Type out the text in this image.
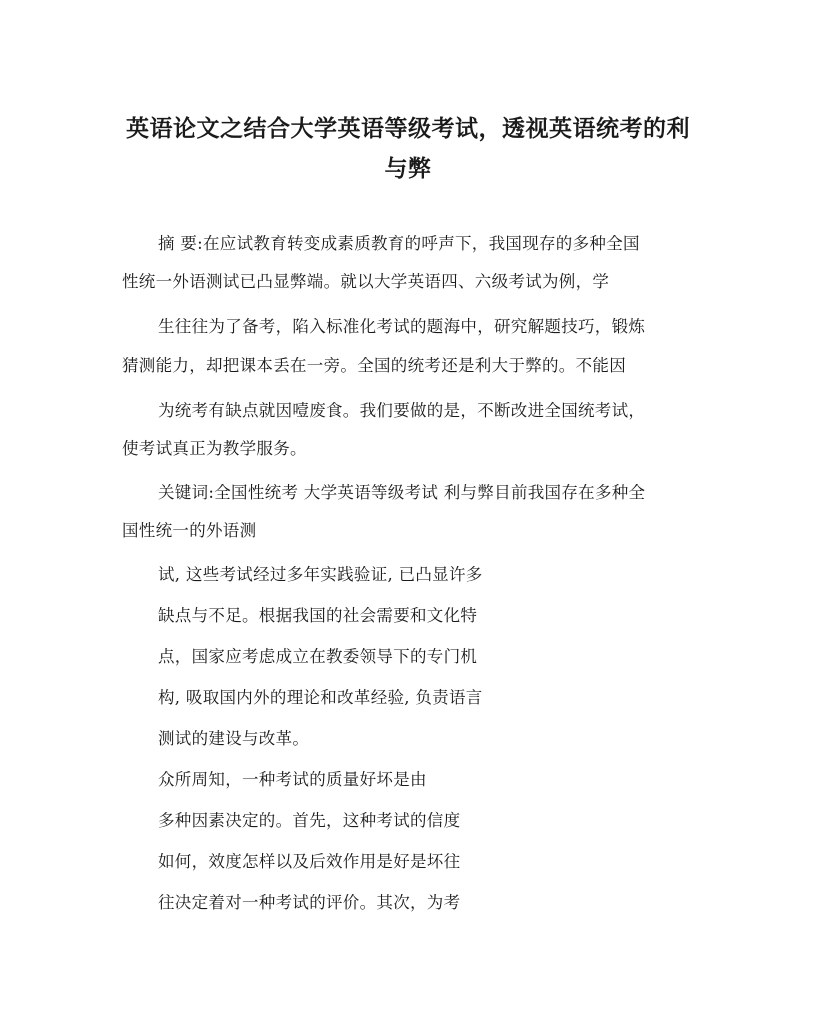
英语论文之结合大学英语等级考试，透视英语统考的利
与弊
摘 要:在应试教育转变成素质教育的呼声下，我国现存的多种全国
性统一外语测试已凸显弊端。就以大学英语四、六级考试为例，学
生往往为了备考，陷入标准化考试的题海中，研究解题技巧，锻炼
猜测能力，却把课本丢在一旁。全国的统考还是利大于弊的。不能因
为统考有缺点就因噎废食。我们要做的是，不断改进全国统考试，
使考试真正为教学服务。
关键词:全国性统考 大学英语等级考试 利与弊目前我国存在多种全
国性统一的外语测
试, 这些考试经过多年实践验证, 已凸显许多
缺点与不足。根据我国的社会需要和文化特
点，国家应考虑成立在教委领导下的专门机
构, 吸取国内外的理论和改革经验, 负责语言
测试的建设与改革。
众所周知，一种考试的质量好坏是由
多种因素决定的。首先，这种考试的信度
如何，效度怎样以及后效作用是好是坏往
往决定着对一种考试的评价。其次，为考
